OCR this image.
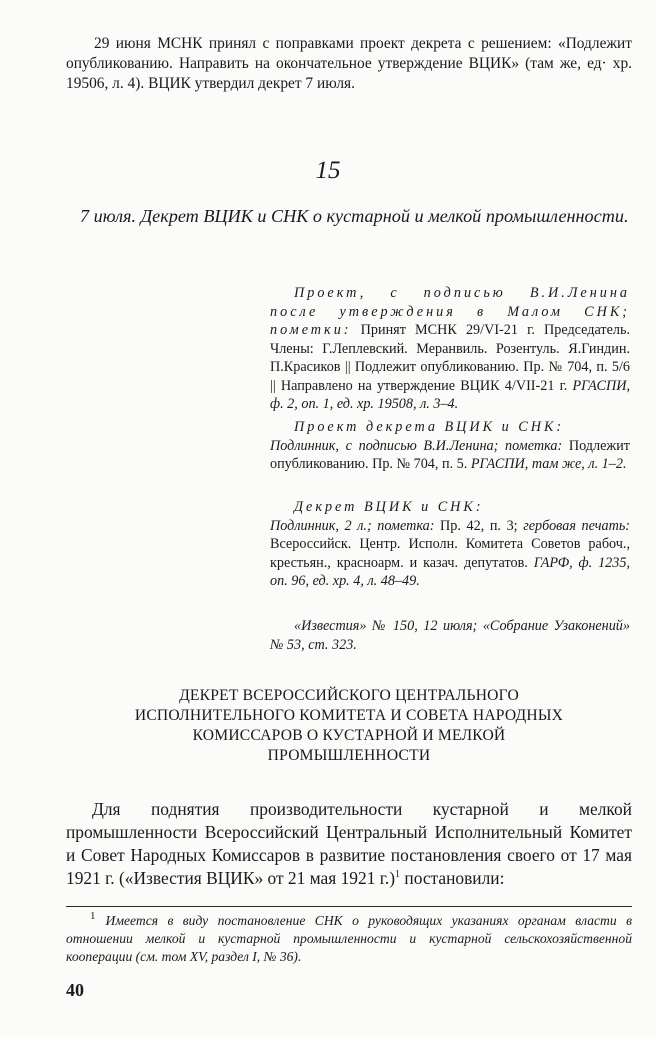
29 июня МСНК принял с поправками проект декрета с решением: «Подлежит опубликованию. Направить на окончательное утверждение ВЦИК» (там же, ед· хр. 19506, л. 4). ВЦИК утвердил декрет 7 июля.

15

7 июля. Декрет ВЦИК и СНК о кустарной и мелкой промышленности.

Проект, с подписью В.И.Ленина после утверждения в Малом СНК; пометки: Принят МСНК 29/VI-21 г. Председатель. Члены: Г.Леплевский. Меранвиль. Розентуль. Я.Гиндин. П.Красиков || Подлежит опубликованию. Пр. № 704, п. 5/6 || Направлено на утверждение ВЦИК 4/VII-21 г. РГАСПИ, ф. 2, оп. 1, ед. хр. 19508, л. 3–4.

Проект декрета ВЦИК и СНК:
Подлинник, с подписью В.И.Ленина; пометка: Подлежит опубликованию. Пр. № 704, п. 5. РГАСПИ, там же, л. 1–2.

Декрет ВЦИК и СНК:
Подлинник, 2 л.; пометка: Пр. 42, п. 3; гербовая печать: Всероссийск. Центр. Исполн. Комитета Советов рабоч., крестьян., красноарм. и казач. депутатов. ГАРФ, ф. 1235, оп. 96, ед. хр. 4, л. 48–49.

«Известия» № 150, 12 июля; «Собрание Узаконений» № 53, ст. 323.

ДЕКРЕТ ВСЕРОССИЙСКОГО ЦЕНТРАЛЬНОГО
ИСПОЛНИТЕЛЬНОГО КОМИТЕТА И СОВЕТА НАРОДНЫХ
КОМИССАРОВ О КУСТАРНОЙ И МЕЛКОЙ
ПРОМЫШЛЕННОСТИ

Для поднятия производительности кустарной и мелкой промышленности Всероссийский Центральный Исполнительный Комитет и Совет Народных Комиссаров в развитие постановления своего от 17 мая 1921 г. («Известия ВЦИК» от 21 мая 1921 г.)$^1$ постановили:

$^1$ Имеется в виду постановление СНК о руководящих указаниях органам власти в отношении мелкой и кустарной промышленности и кустарной сельскохозяйственной кооперации (см. том XV, раздел I, № 36).

40
